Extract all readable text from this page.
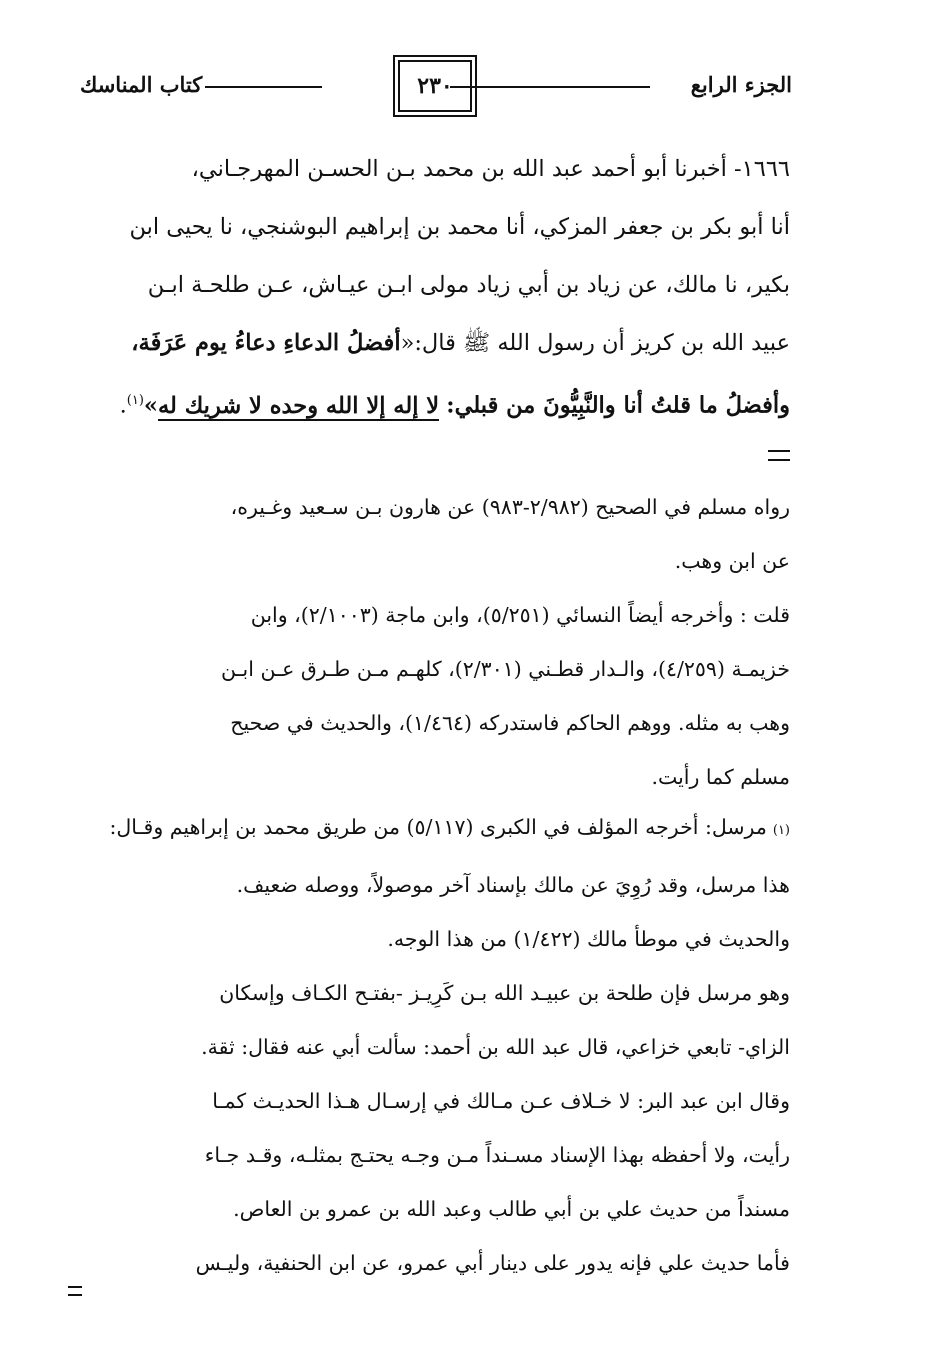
الجزء الرابع
٢٣٠
كتاب المناسك
١٦٦٦- أخبرنا أبو أحمد عبد الله بن محمد بـن الحسـن المهرجـاني،
أنا أبو بكر بن جعفر المزكي، أنا محمد بن إبراهيم البوشنجي، نا يحيى ابن
بكير، نا مالك، عن زياد بن أبي زياد مولى ابـن عيـاش، عـن طلحـة ابـن
عبيد الله بن كريز أن رسول الله ﷺ قال:«أفضلُ الدعاءِ دعاءُ يوم عَرَفَة،
وأفضلُ ما قلتُ أنا والنَّبِيُّونَ من قبلي: لا إله إلا الله وحده لا شريك له»$^{(١)}$.
رواه مسلم في الصحيح (٢/٩٨٢-٩٨٣) عن هارون بـن سـعيد وغـيره،
عن ابن وهب.
قلت : وأخرجه أيضاً النسائي (٥/٢٥١)، وابن ماجة (٢/١٠٠٣)، وابن
خزيمـة (٤/٢٥٩)، والـدار قطـني (٢/٣٠١)، كلهـم مـن طـرق عـن ابـن
وهب به مثله. ووهم الحاكم فاستدركه (١/٤٦٤)، والحديث في صحيح
مسلم كما رأيت.
(١)مرسل: أخرجه المؤلف في الكبرى (٥/١١٧) من طريق محمد بن إبراهيم وقـال:
هذا مرسل، وقد رُوِيَ عن مالك بإسناد آخر موصولاً، ووصله ضعيف.
والحديث في موطأ مالك (١/٤٢٢) من هذا الوجه.
وهو مرسل فإن طلحة بن عبيـد الله بـن كَرِيـز -بفتـح الكـاف وإسكان
الزاي- تابعي خزاعي، قال عبد الله بن أحمد: سألت أبي عنه فقال: ثقة.
وقال ابن عبد البر: لا خـلاف عـن مـالك في إرسـال هـذا الحديـث كمـا
رأيت، ولا أحفظه بهذا الإسناد مسـنداً مـن وجـه يحتـج بمثلـه، وقـد جـاء
مسنداً من حديث علي بن أبي طالب وعبد الله بن عمرو بن العاص.
فأما حديث علي فإنه يدور على دينار أبي عمرو، عن ابن الحنفية، وليـس
